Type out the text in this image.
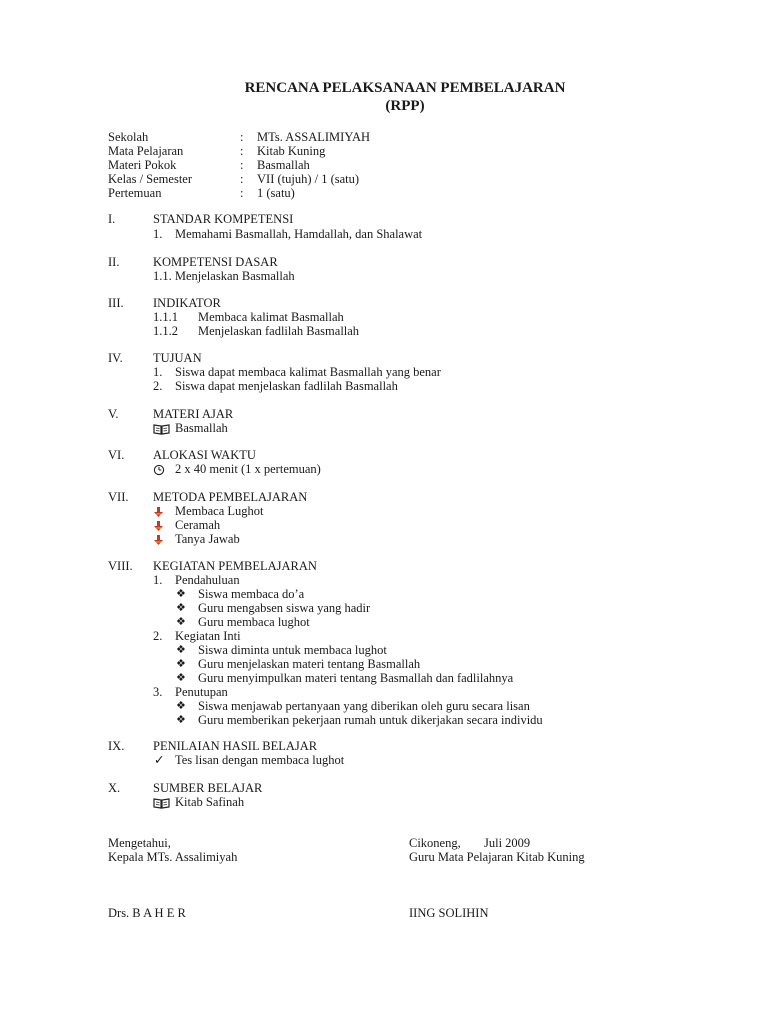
RENCANA PELAKSANAAN PEMBELAJARAN
(RPP)
Sekolah	: MTs. ASSALIMIYAH
Mata Pelajaran	: Kitab Kuning
Materi Pokok	: Basmallah
Kelas / Semester	: VII (tujuh) / 1 (satu)
Pertemuan	: 1 (satu)
I.	STANDAR KOMPETENSI
1. Memahami Basmallah, Hamdallah, dan Shalawat
II.	KOMPETENSI DASAR
1.1. Menjelaskan Basmallah
III. INDIKATOR
1.1.1 Membaca kalimat Basmallah
1.1.2 Menjelaskan fadlilah Basmallah
IV. TUJUAN
1. Siswa dapat membaca kalimat Basmallah yang benar
2. Siswa dapat menjelaskan fadlilah Basmallah
V.	MATERI AJAR
Basmallah
VI. ALOKASI WAKTU
2 x 40 menit (1 x pertemuan)
VII. METODA PEMBELAJARAN
Membaca Lughot
Ceramah
Tanya Jawab
VIII. KEGIATAN PEMBELAJARAN
1. Pendahuluan
❖ Siswa membaca do’a
❖ Guru mengabsen siswa yang hadir
❖ Guru membaca lughot
2. Kegiatan Inti
❖ Siswa diminta untuk membaca lughot
❖ Guru menjelaskan materi tentang Basmallah
❖ Guru menyimpulkan materi tentang Basmallah dan fadlilahnya
3. Penutupan
❖ Siswa menjawab pertanyaan yang diberikan oleh guru secara lisan
❖ Guru memberikan pekerjaan rumah untuk dikerjakan secara individu
IX. PENILAIAN HASIL BELAJAR
✓ Tes lisan dengan membaca lughot
X.	SUMBER BELAJAR
Kitab Safinah
Mengetahui,
Kepala MTs. Assalimiyah
Drs. B A H E R
Cikoneng, Juli 2009
Guru Mata Pelajaran Kitab Kuning
IING SOLIHIN
